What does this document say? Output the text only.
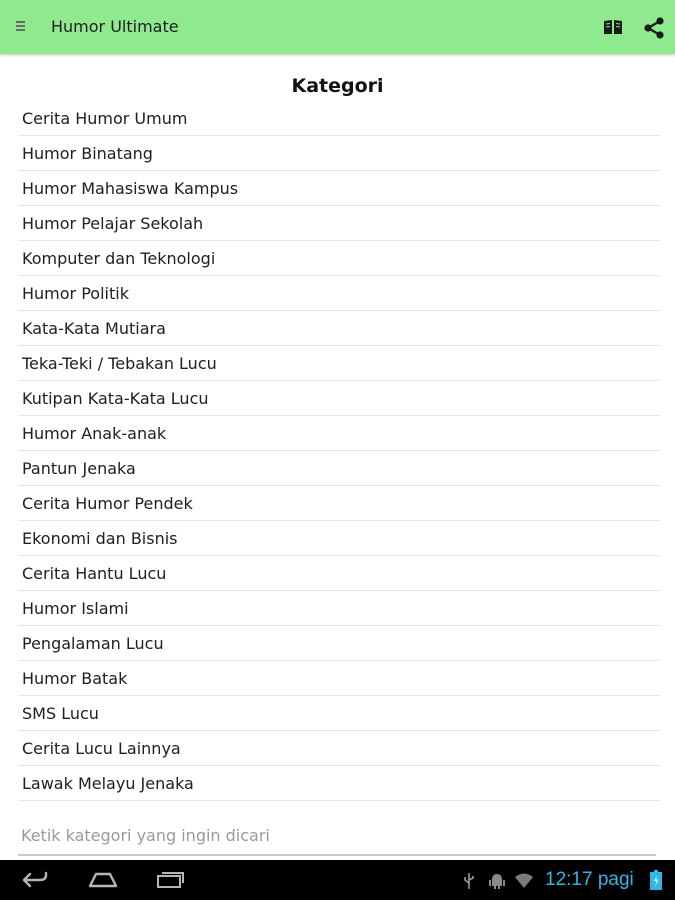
Humor Ultimate
Kategori
Cerita Humor Umum
Humor Binatang
Humor Mahasiswa Kampus
Humor Pelajar Sekolah
Komputer dan Teknologi
Humor Politik
Kata-Kata Mutiara
Teka-Teki / Tebakan Lucu
Kutipan Kata-Kata Lucu
Humor Anak-anak
Pantun Jenaka
Cerita Humor Pendek
Ekonomi dan Bisnis
Cerita Hantu Lucu
Humor Islami
Pengalaman Lucu
Humor Batak
SMS Lucu
Cerita Lucu Lainnya
Lawak Melayu Jenaka
Ketik kategori yang ingin dicari
12:17 pagi
